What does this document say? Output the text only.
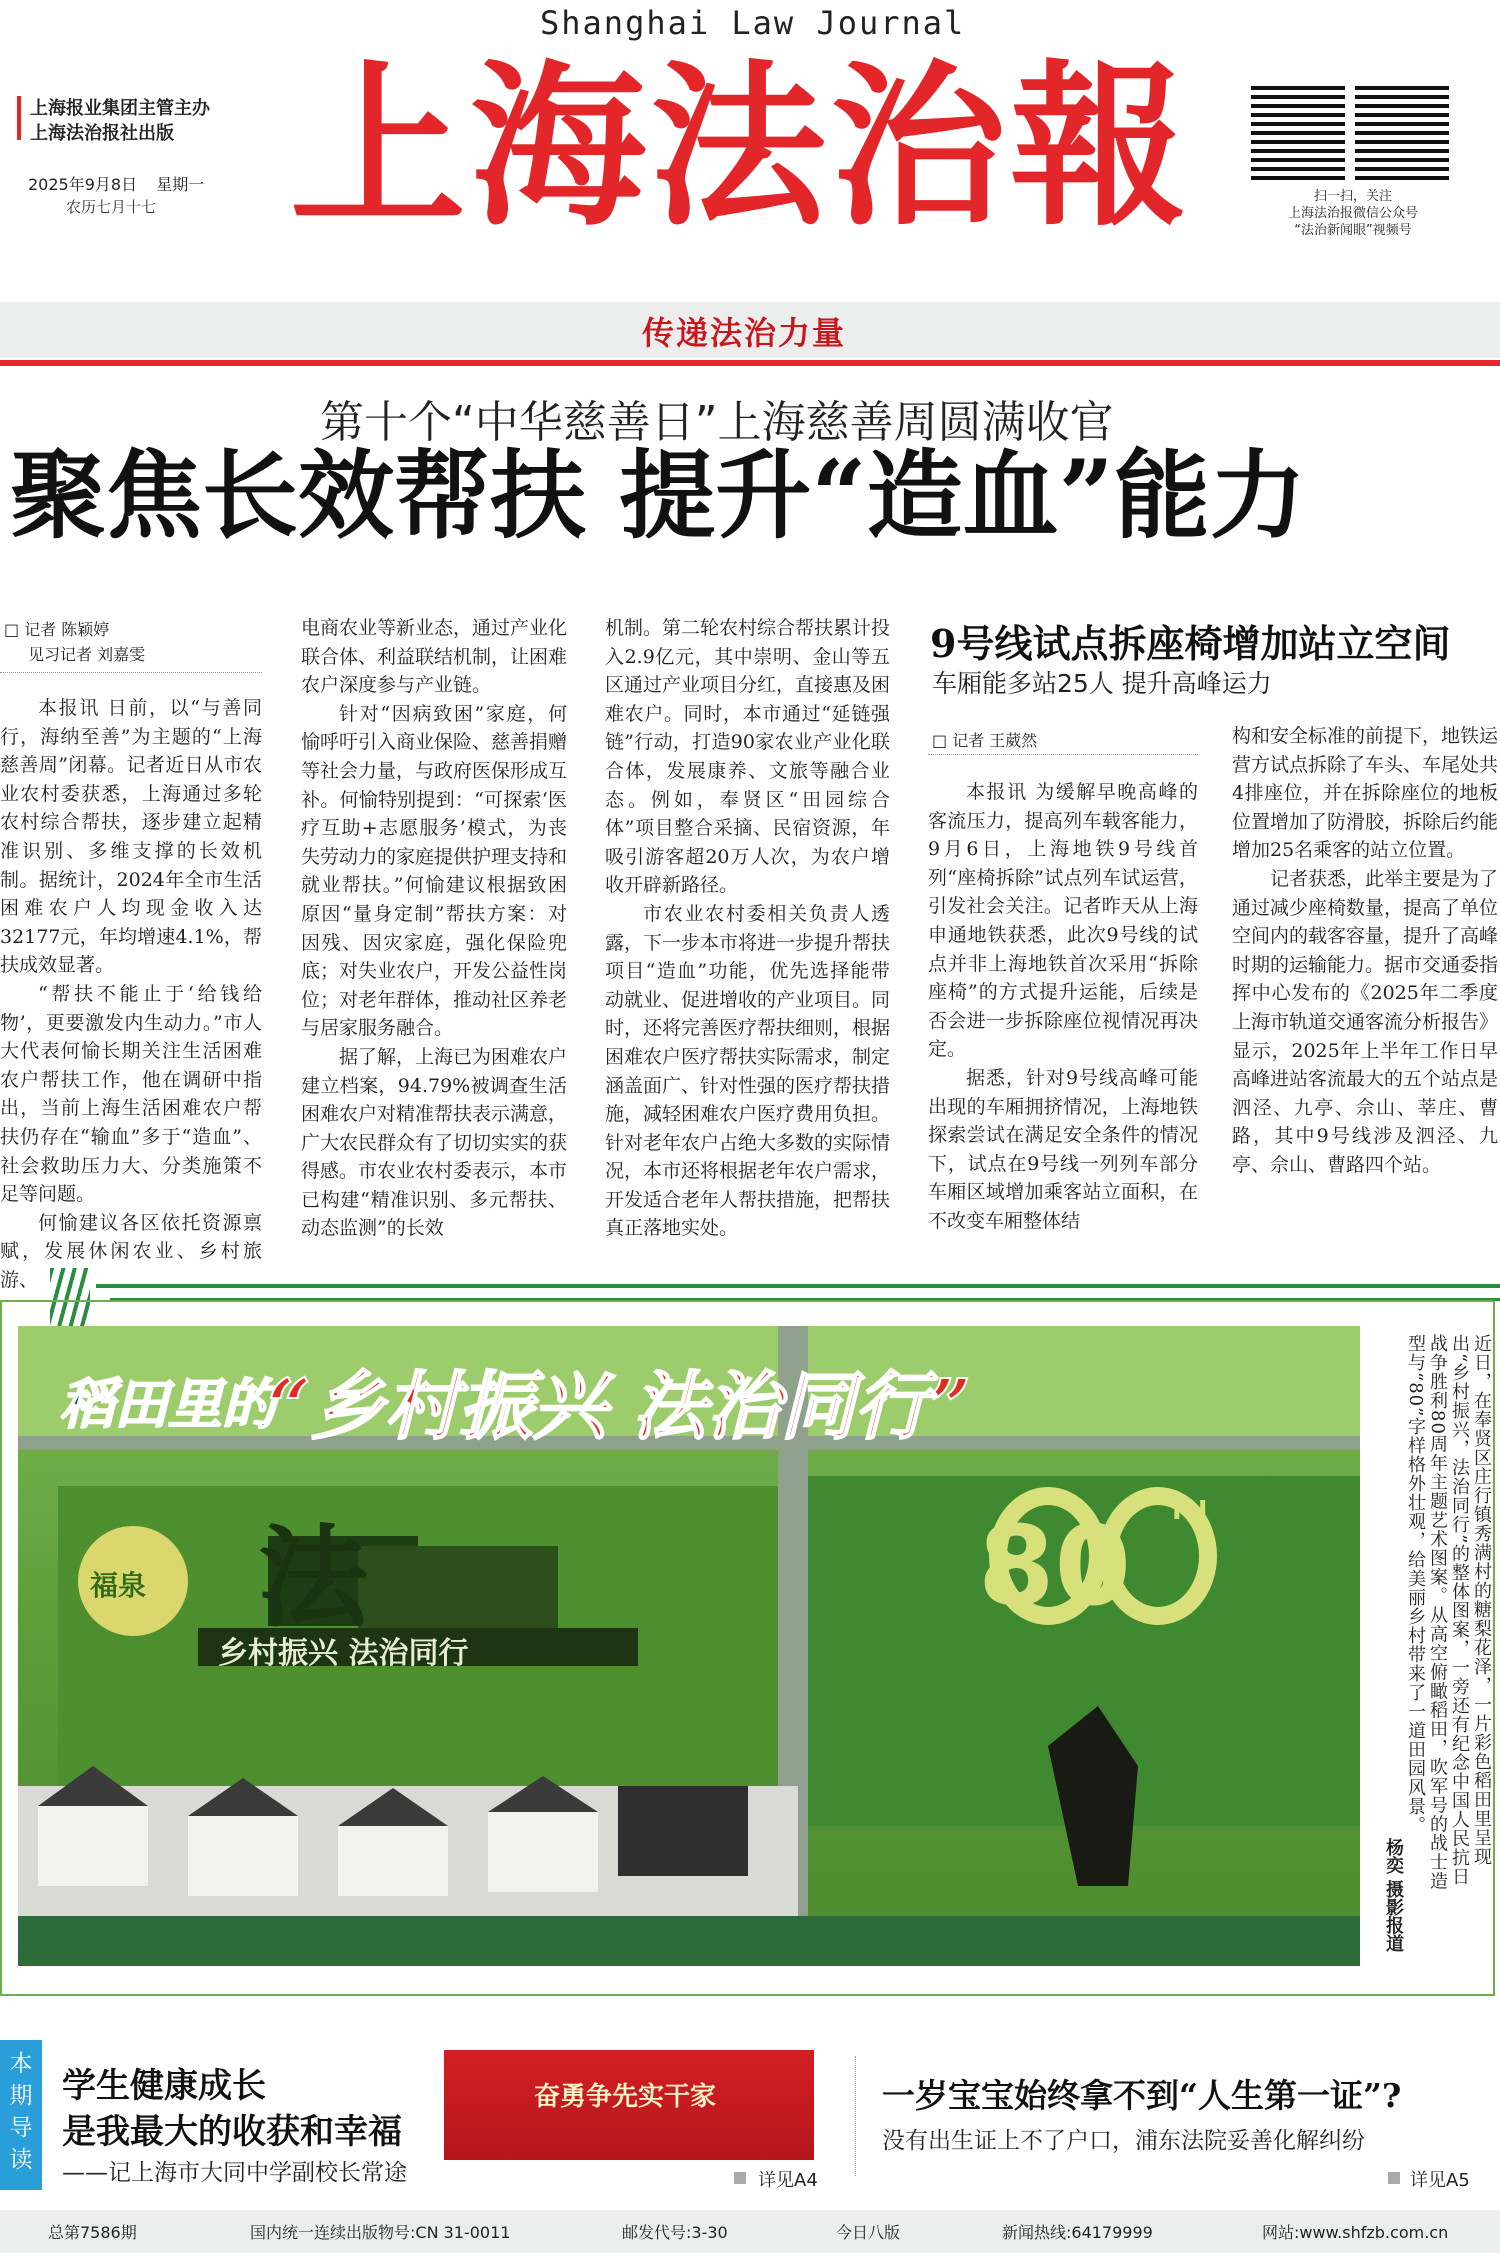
Shanghai Law Journal
上海报业集团主管主办
上海法治报社出版
2025年9月8日 星期一
农历七月十七 上海法治報	扫一扫，关注
上海法治报微信公众号
“法治新闻眼”视频号
传递法治力量
第十个“中华慈善日”上海慈善周圆满收官
聚焦长效帮扶 提升“造血”能力
□ 记者 陈颖婷
见习记者 刘嘉雯

本报讯 日前，以“与善同行，海纳至善”为主题的“上海慈善周”闭幕。记者近日从市农业农村委获悉，上海通过多轮农村综合帮扶，逐步建立起精准识别、多维支撑的长效机制。据统计，2024年全市生活困难农户人均现金收入达32177元，年均增速4.1%，帮扶成效显著。

“帮扶不能止于‘给钱给物’，更要激发内生动力。”市人大代表何愉长期关注生活困难农户帮扶工作，他在调研中指出，当前上海生活困难农户帮扶仍存在“输血”多于“造血”、社会救助压力大、分类施策不足等问题。

何愉建议各区依托资源禀赋，发展休闲农业、乡村旅游、

电商农业等新业态，通过产业化联合体、利益联结机制，让困难农户深度参与产业链。

针对“因病致困”家庭，何愉呼吁引入商业保险、慈善捐赠等社会力量，与政府医保形成互补。何愉特别提到：“可探索‘医疗互助+志愿服务’模式，为丧失劳动力的家庭提供护理支持和就业帮扶。”何愉建议根据致困原因“量身定制”帮扶方案：对因残、因灾家庭，强化保险兜底；对失业农户，开发公益性岗位；对老年群体，推动社区养老与居家服务融合。

据了解，上海已为困难农户建立档案，94.79%被调查生活困难农户对精准帮扶表示满意，广大农民群众有了切切实实的获得感。市农业农村委表示，本市已构建“精准识别、多元帮扶、动态监测”的长效

机制。第二轮农村综合帮扶累计投入2.9亿元，其中崇明、金山等五区通过产业项目分红，直接惠及困难农户。同时，本市通过“延链强链”行动，打造90家农业产业化联合体，发展康养、文旅等融合业态。例如，奉贤区“田园综合体”项目整合采摘、民宿资源，年吸引游客超20万人次，为农户增收开辟新路径。

市农业农村委相关负责人透露，下一步本市将进一步提升帮扶项目“造血”功能，优先选择能带动就业、促进增收的产业项目。同时，还将完善医疗帮扶细则，根据困难农户医疗帮扶实际需求，制定涵盖面广、针对性强的医疗帮扶措施，减轻困难农户医疗费用负担。针对老年农户占绝大多数的实际情况，本市还将根据老年农户需求，开发适合老年人帮扶措施，把帮扶真正落地实处。

9号线试点拆座椅增加站立空间
车厢能多站25人 提升高峰运力
□ 记者 王葳然

本报讯 为缓解早晚高峰的客流压力，提高列车载客能力，9月6日，上海地铁9号线首列“座椅拆除”试点列车试运营，引发社会关注。记者昨天从上海申通地铁获悉，此次9号线的试点并非上海地铁首次采用“拆除座椅”的方式提升运能，后续是否会进一步拆除座位视情况再决定。

据悉，针对9号线高峰可能出现的车厢拥挤情况，上海地铁探索尝试在满足安全条件的情况下，试点在9号线一列列车部分车厢区域增加乘客站立面积，在不改变车厢整体结

构和安全标准的前提下，地铁运营方试点拆除了车头、车尾处共4排座位，并在拆除座位的地板位置增加了防滑胶，拆除后约能增加25名乘客的站立位置。

记者获悉，此举主要是为了通过减少座椅数量，提高了单位空间内的载客容量，提升了高峰时期的运输能力。据市交通委指挥中心发布的《2025年二季度上海市轨道交通客流分析报告》显示，2025年上半年工作日早高峰进站客流最大的五个站点是泗泾、九亭、佘山、莘庄、曹路，其中9号线涉及泗泾、九亭、佘山、曹路四个站。

稻田里的
“乡村振兴 法治同行”
福泉 法
乡村振兴 法治同行
80 TH	近日，在奉贤区庄行镇秀满村的糖梨花泽，一片彩色稻田里呈现出“乡村振兴，法治同行”的整体图案，一旁还有纪念中国人民抗日战争胜利80周年主题艺术图案。从高空俯瞰稻田，吹军号的战士造型与“80”字样格外壮观，给美丽乡村带来了一道田园风景。
杨奕 摄影报道
本
期
导
读
学生健康成长
是我最大的收获和幸福
——记上海市大同中学副校长常途
奋勇争先实干家
详见A4
一岁宝宝始终拿不到“人生第一证”?
没有出生证上不了户口，浦东法院妥善化解纠纷
详见A5
总第7586期	国内统一连续出版物号:CN 31-0011	邮发代号:3-30	今日八版	新闻热线:64179999	网站:www.shfzb.com.cn
